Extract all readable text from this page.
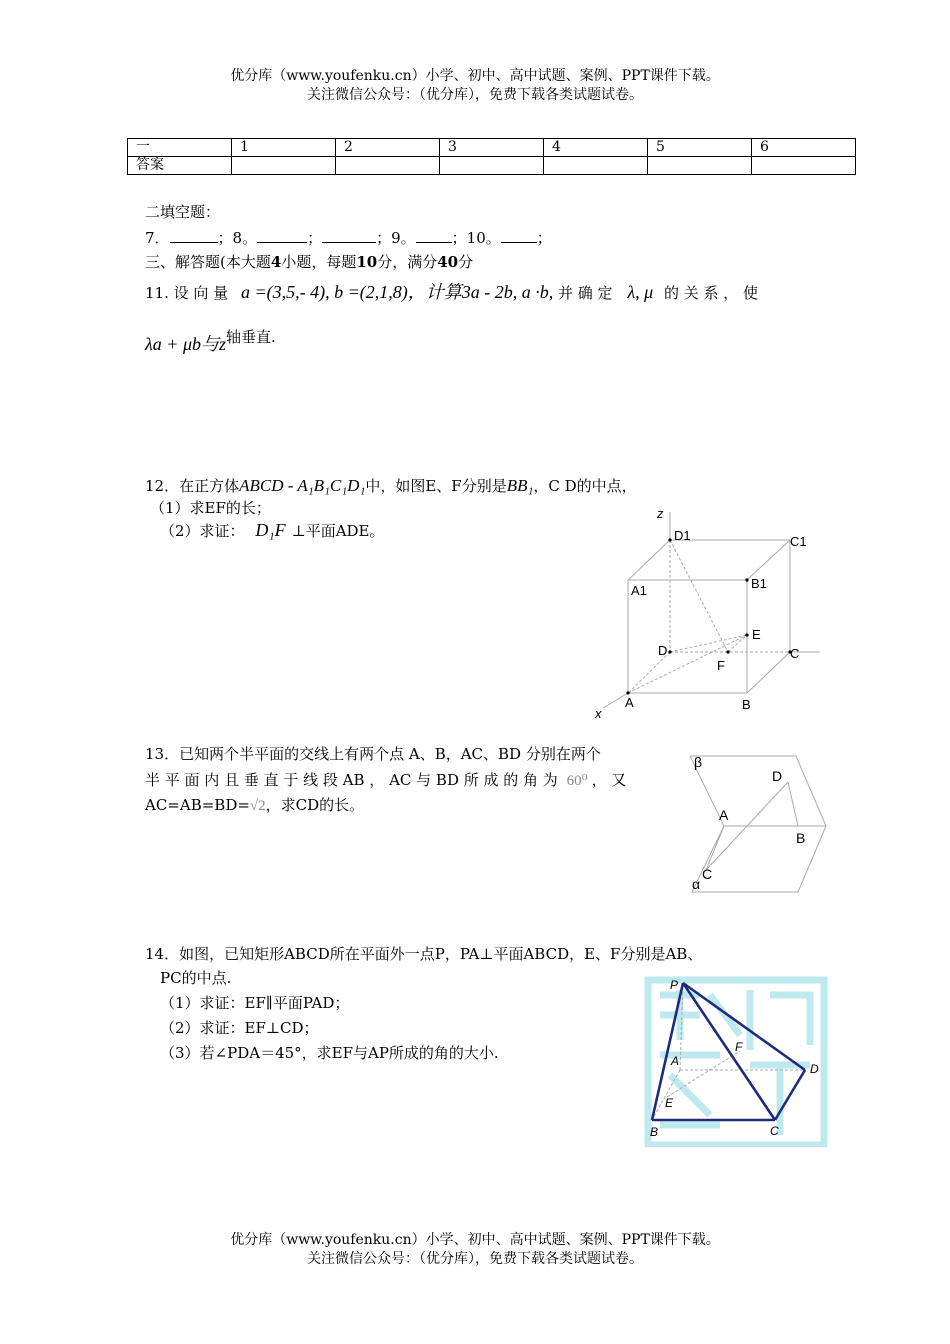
优分库（www.youfenku.cn）小学、初中、高中试题、案例、PPT课件下载。
关注微信公众号：（优分库），免费下载各类试题试卷。
一	1	2	3	4	5	6
答案						
二填空题：
7．	；8。	；	；9。 ；10。 ；
三、解答题(本大题4小题，每题10分，满分40分
11. 设 向 量 a =(3,5,- 4), b =(2,1,8)，计算3a - 2b, a ·b, 并 确 定 λ, μ 的 关 系 ， 使
λa + μb与z轴垂直.
12．在正方体ABCD - A₁B₁C₁D₁中，如图E、F分别是BB₁，C D的中点，
（1）求EF的长；
（2）求证： D₁F ⊥平面ADE。
z
D1	C1
B1
A1
E
D	C
F
A	B
x
13．已知两个半平面的交线上有两个点 A、B，AC、BD 分别在两个
半 平 面 内 且 垂 直 于 线 段 AB ， AC 与 BD 所 成 的 角 为 60⁰ ， 又
AC=AB=BD=√2，求CD的长。
β
D
A
B
C
α
14．如图，已知矩形ABCD所在平面外一点P，PA⊥平面ABCD，E、F分别是AB、
PC的中点.
（1）求证：EF∥平面PAD；
（2）求证：EF⊥CD；
（3）若∠PDA＝45°，求EF与AP所成的角的大小.
P
A
F
D
E
B	C
优分库（www.youfenku.cn）小学、初中、高中试题、案例、PPT课件下载。
关注微信公众号：（优分库），免费下载各类试题试卷。
